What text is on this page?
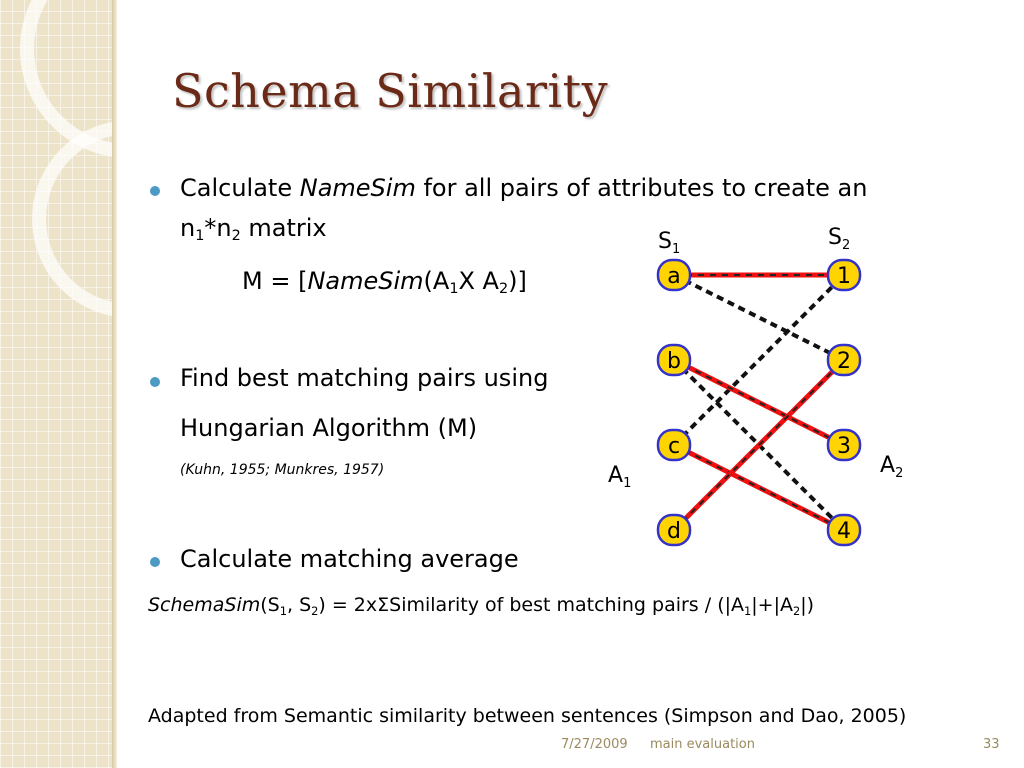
Schema Similarity
Calculate NameSim for all pairs of attributes to create an
$n_1*n_2$ matrix
$M = [NameSim(A_1X$ $A_2$)]
Find best matching pairs using
Hungarian Algorithm (M)
(Kuhn, 1955; Munkres, 1957)
Calculate matching average
$SchemaSim(S_1$, $S_2$) = 2xΣSimilarity of best matching pairs / $(|A_1|+|A_2|)$
Adapted from Semantic similarity between sentences (Simpson and Dao, 2005)
$S_1$	$S_2$
$A_1$
$A_2$
a
b
c
d
1
2
3
4
7/27/2009 main evaluation	33
